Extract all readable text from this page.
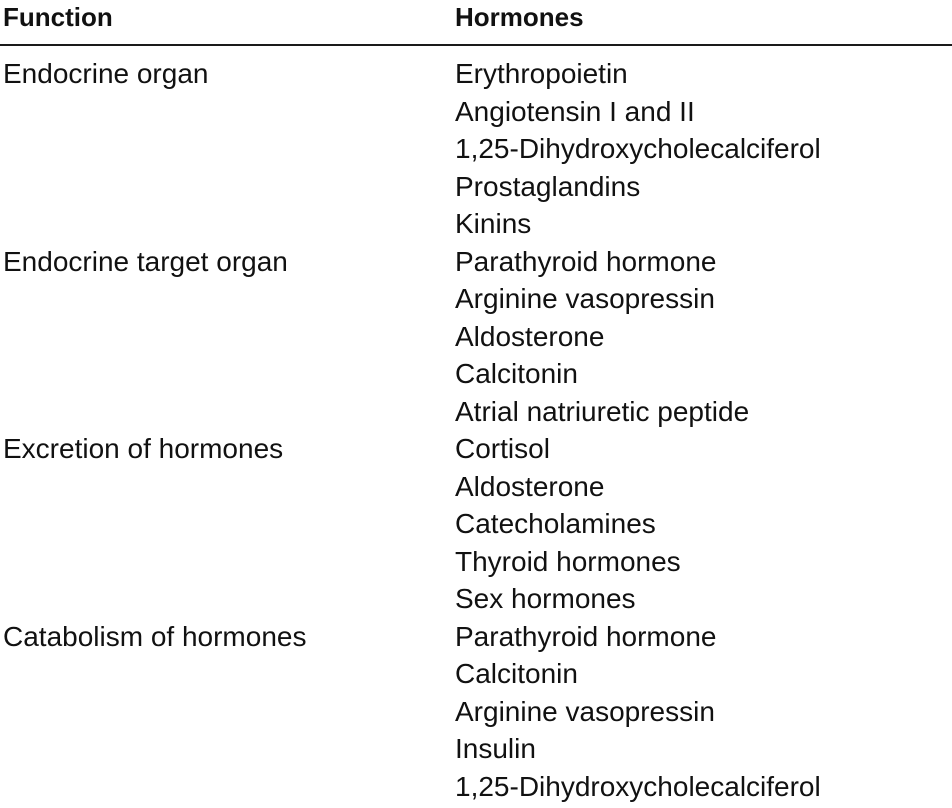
Function	Hormones
Endocrine organ	Erythropoietin
Angiotensin I and II
1,25-Dihydroxycholecalciferol
Prostaglandins
Kinins
Endocrine target organ	Parathyroid hormone
Arginine vasopressin
Aldosterone
Calcitonin
Atrial natriuretic peptide
Excretion of hormones	Cortisol
Aldosterone
Catecholamines
Thyroid hormones
Sex hormones
Catabolism of hormones	Parathyroid hormone
Calcitonin
Arginine vasopressin
Insulin
1,25-Dihydroxycholecalciferol
